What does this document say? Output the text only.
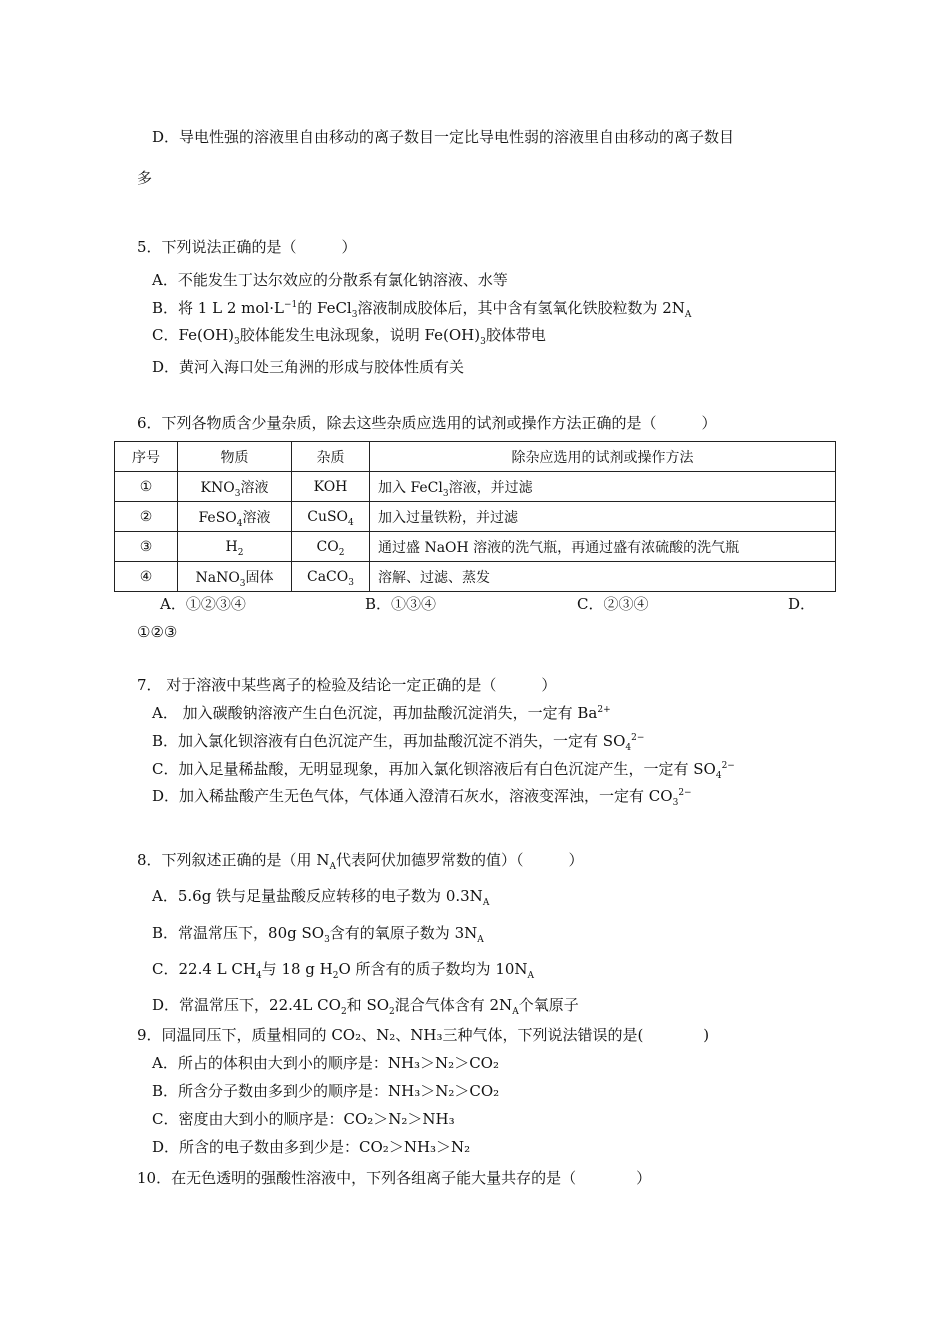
D．导电性强的溶液里自由移动的离子数目一定比导电性弱的溶液里自由移动的离子数目
多
5．下列说法正确的是（　　　）
A．不能发生丁达尔效应的分散系有氯化钠溶液、水等
B．将 1 L 2 $mol\cdot L^{-1}$的 FeCl$_3$溶液制成胶体后，其中含有氢氧化铁胶粒数为 $2N_A$
C．$Fe(OH)_3$胶体能发生电泳现象，说明 $Fe(OH)_3$胶体带电
D．黄河入海口处三角洲的形成与胶体性质有关
6．下列各物质含少量杂质，除去这些杂质应选用的试剂或操作方法正确的是（　　　）
序号	物质	杂质	除杂应选用的试剂或操作方法
①	$KNO_3$溶液	KOH	加入 FeCl$_3$溶液，并过滤
②	FeSO$_4$溶液	CuSO$_4$	加入过量铁粉，并过滤
③	$H_2$	$CO_2$	通过盛 NaOH 溶液的洗气瓶，再通过盛有浓硫酸的洗气瓶
④	NaNO$_3$固体	CaCO$_3$	溶解、过滤、蒸发
A．①②③④	B．①③④	C．②③④	D．
①②③
7． 对于溶液中某些离子的检验及结论一定正确的是（　　　）
A． 加入碳酸钠溶液产生白色沉淀，再加盐酸沉淀消失，一定有 $Ba^{2+}$
B．加入氯化钡溶液有白色沉淀产生，再加盐酸沉淀不消失，一定有 $SO_4^{2-}$
C．加入足量稀盐酸，无明显现象，再加入氯化钡溶液后有白色沉淀产生，一定有 $SO_4^{2-}$
D．加入稀盐酸产生无色气体，气体通入澄清石灰水，溶液变浑浊，一定有 $CO_3^{2-}$
8．下列叙述正确的是（用 $N_A$代表阿伏加德罗常数的值）（　　　）
A．5.6g 铁与足量盐酸反应转移的电子数为 $0.3N_A$
B．常温常压下，80g $SO_3$含有的氧原子数为 $3N_A$
C．22.4 L $CH_4$与 18 g $H_2O$ 所含有的质子数均为 $10N_A$
D．常温常压下，22.4L $CO_2$和 $SO_2$混合气体含有 $2N_A$个氧原子
9．同温同压下，质量相同的 CO₂、N₂、NH₃三种气体，下列说法错误的是(　　　　)
A．所占的体积由大到小的顺序是：NH₃＞N₂＞CO₂
B．所含分子数由多到少的顺序是：NH₃＞N₂＞CO₂
C．密度由大到小的顺序是：CO₂＞N₂＞NH₃
D．所含的电子数由多到少是：CO₂＞NH₃＞N₂
10．在无色透明的强酸性溶液中，下列各组离子能大量共存的是（　　　　）
